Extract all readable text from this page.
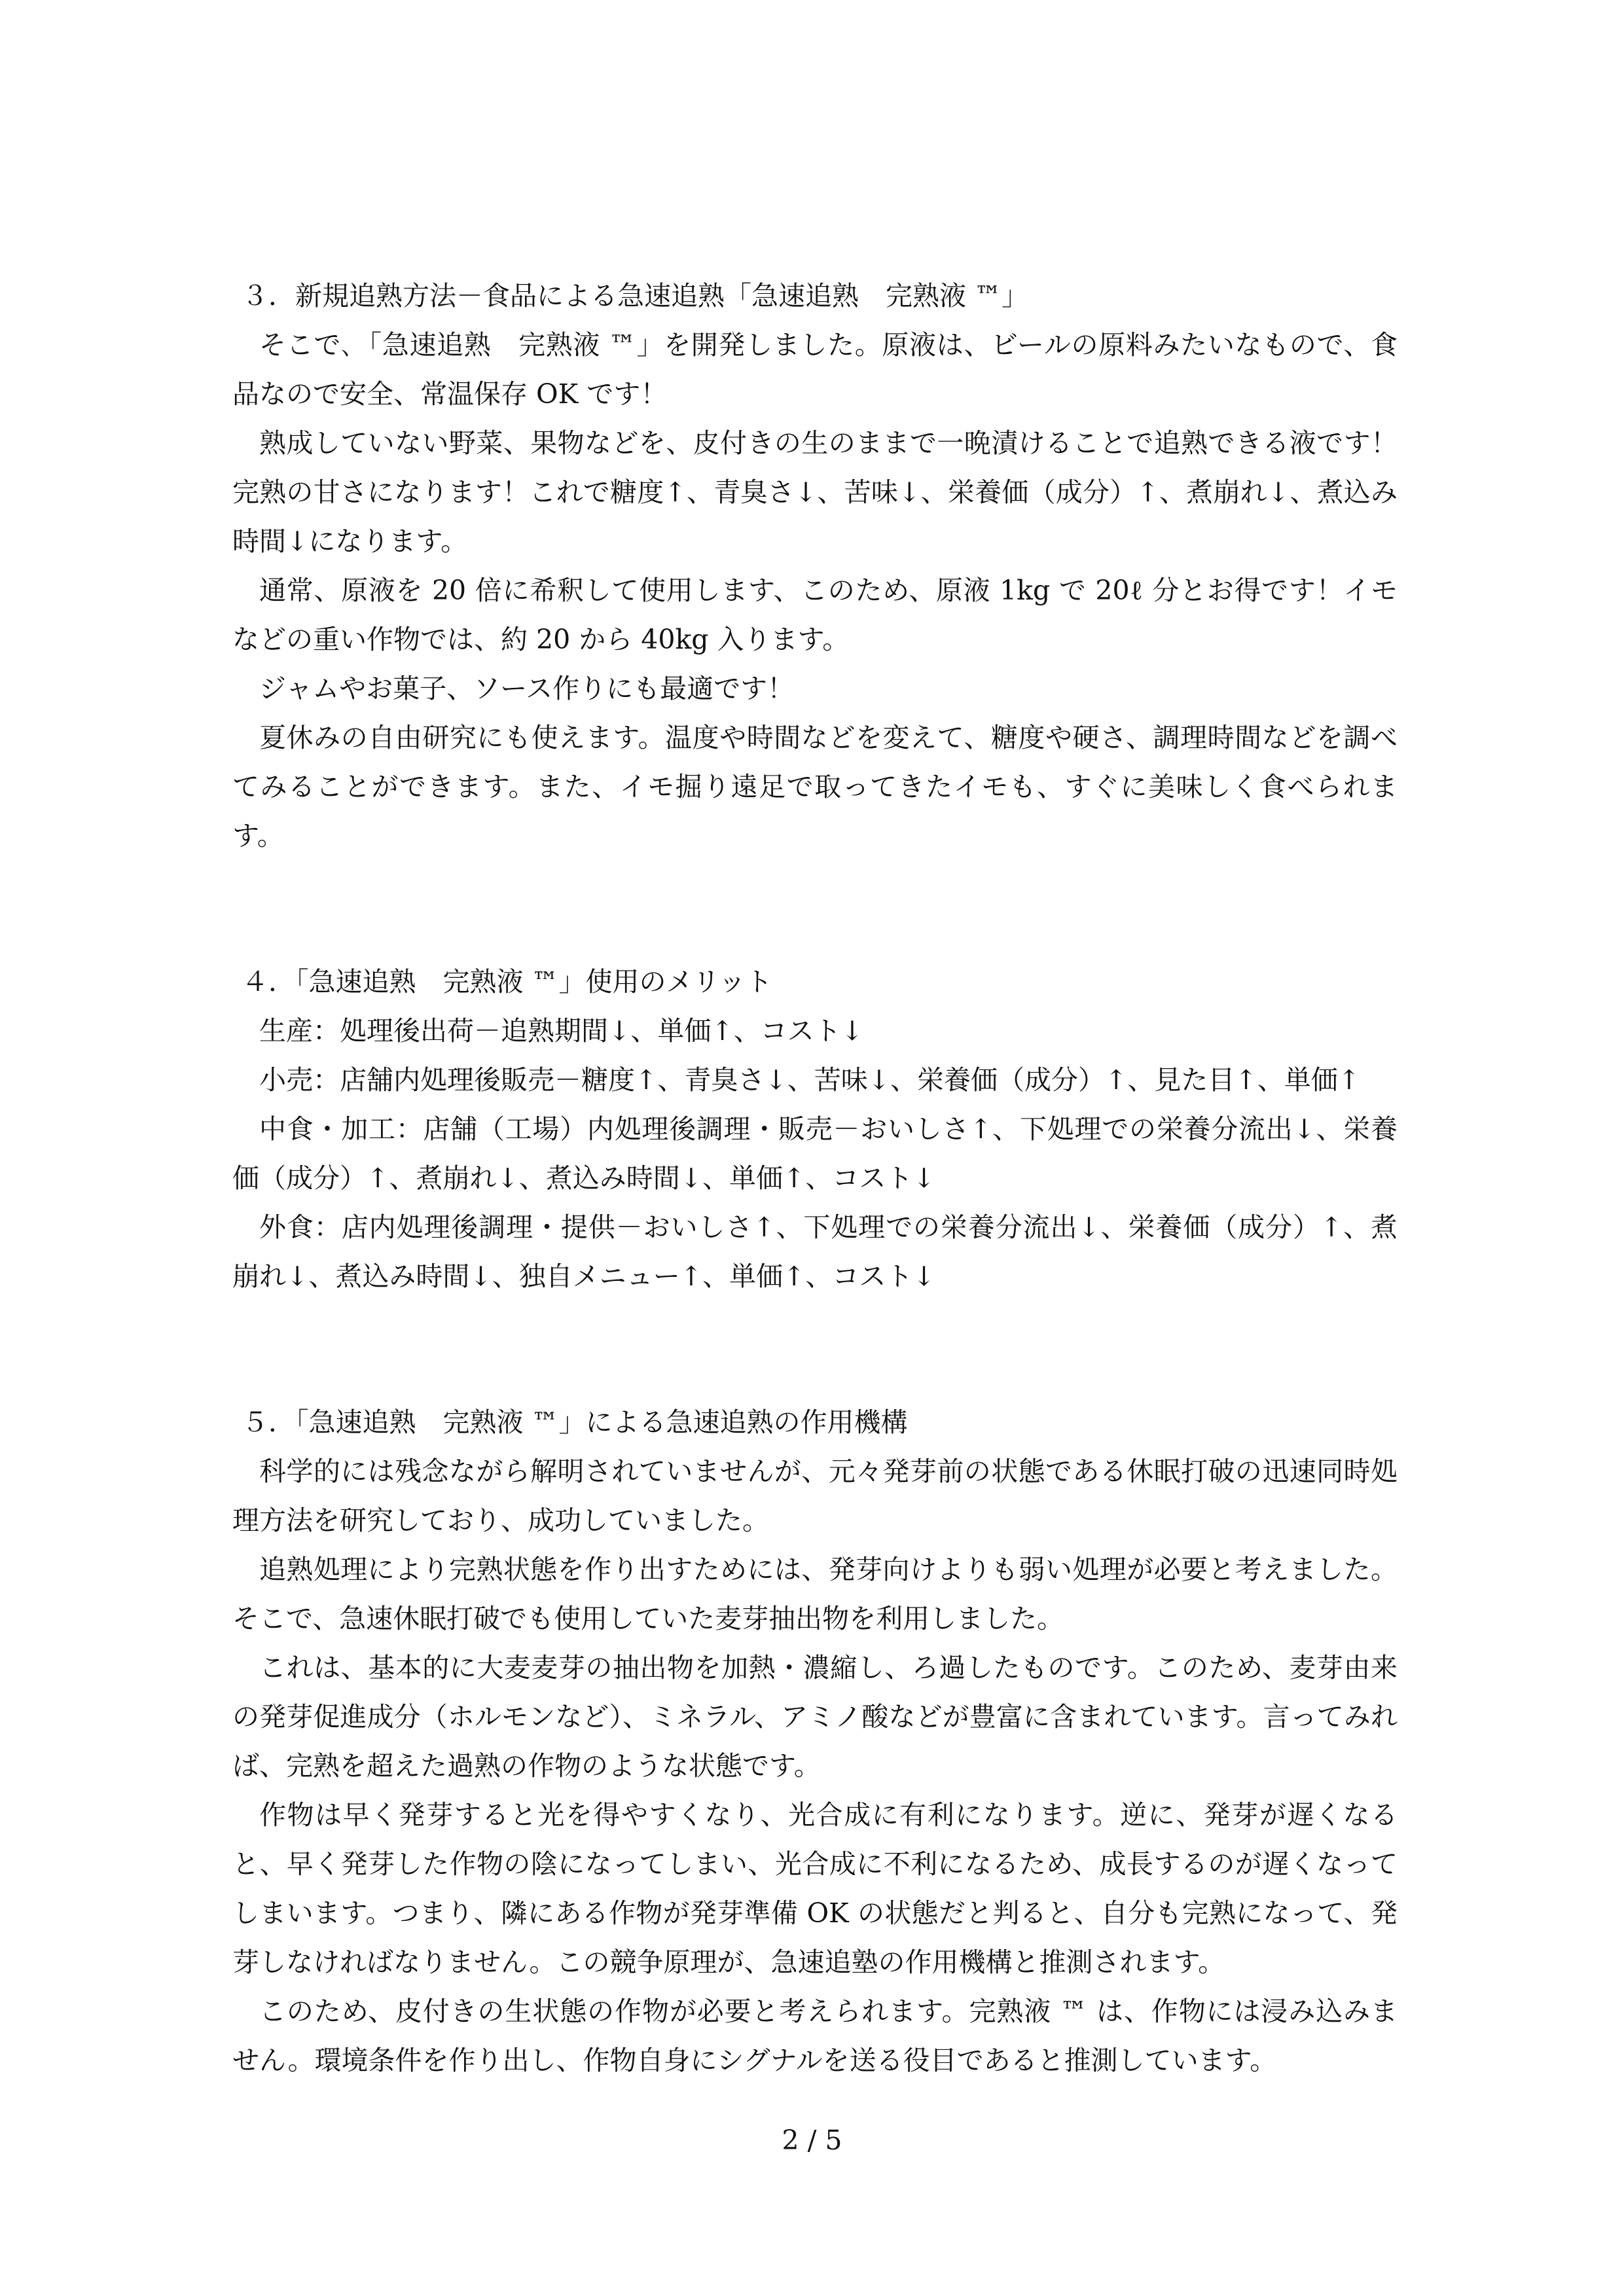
３．新規追熟方法－食品による急速追熟「急速追熟　完熟液 ™」

そこで､「急速追熟　完熟液 ™」を開発しました。原液は、ビールの原料みたいなもので、食品なので安全、常温保存 OK です！

熟成していない野菜、果物などを、皮付きの生のままで一晩漬けることで追熟できる液です！完熟の甘さになります！これで糖度↑、青臭さ↓、苦味↓、栄養価（成分）↑、煮崩れ↓、煮込み時間↓になります。

通常、原液を 20 倍に希釈して使用します、このため、原液 1kg で 20ℓ 分とお得です！イモなどの重い作物では、約 20 から 40kg 入ります。

ジャムやお菓子、ソース作りにも最適です！

夏休みの自由研究にも使えます。温度や時間などを変えて、糖度や硬さ、調理時間などを調べてみることができます。また、イモ掘り遠足で取ってきたイモも、すぐに美味しく食べられます。

４．「急速追熟　完熟液 ™」使用のメリット

生産：処理後出荷－追熟期間↓、単価↑、コスト↓

小売：店舗内処理後販売－糖度↑、青臭さ↓、苦味↓、栄養価（成分）↑、見た目↑、単価↑

中食・加工：店舗（工場）内処理後調理・販売－おいしさ↑、下処理での栄養分流出↓、栄養価（成分）↑、煮崩れ↓、煮込み時間↓、単価↑、コスト↓

外食：店内処理後調理・提供－おいしさ↑、下処理での栄養分流出↓、栄養価（成分）↑、煮崩れ↓、煮込み時間↓、独自メニュー↑、単価↑、コスト↓

５．「急速追熟　完熟液 ™」による急速追熟の作用機構

科学的には残念ながら解明されていませんが、元々発芽前の状態である休眠打破の迅速同時処理方法を研究しており、成功していました。

追熟処理により完熟状態を作り出すためには、発芽向けよりも弱い処理が必要と考えました。そこで、急速休眠打破でも使用していた麦芽抽出物を利用しました。

これは、基本的に大麦麦芽の抽出物を加熱・濃縮し、ろ過したものです。このため、麦芽由来の発芽促進成分（ホルモンなど）、ミネラル、アミノ酸などが豊富に含まれています。言ってみれば、完熟を超えた過熟の作物のような状態です。

作物は早く発芽すると光を得やすくなり、光合成に有利になります。逆に、発芽が遅くなると、早く発芽した作物の陰になってしまい、光合成に不利になるため、成長するのが遅くなってしまいます。つまり、隣にある作物が発芽準備 OK の状態だと判ると、自分も完熟になって、発芽しなければなりません。この競争原理が、急速追塾の作用機構と推測されます。

このため、皮付きの生状態の作物が必要と考えられます。完熟液 ™ は、作物には浸み込みません。環境条件を作り出し、作物自身にシグナルを送る役目であると推測しています。

2 / 5
